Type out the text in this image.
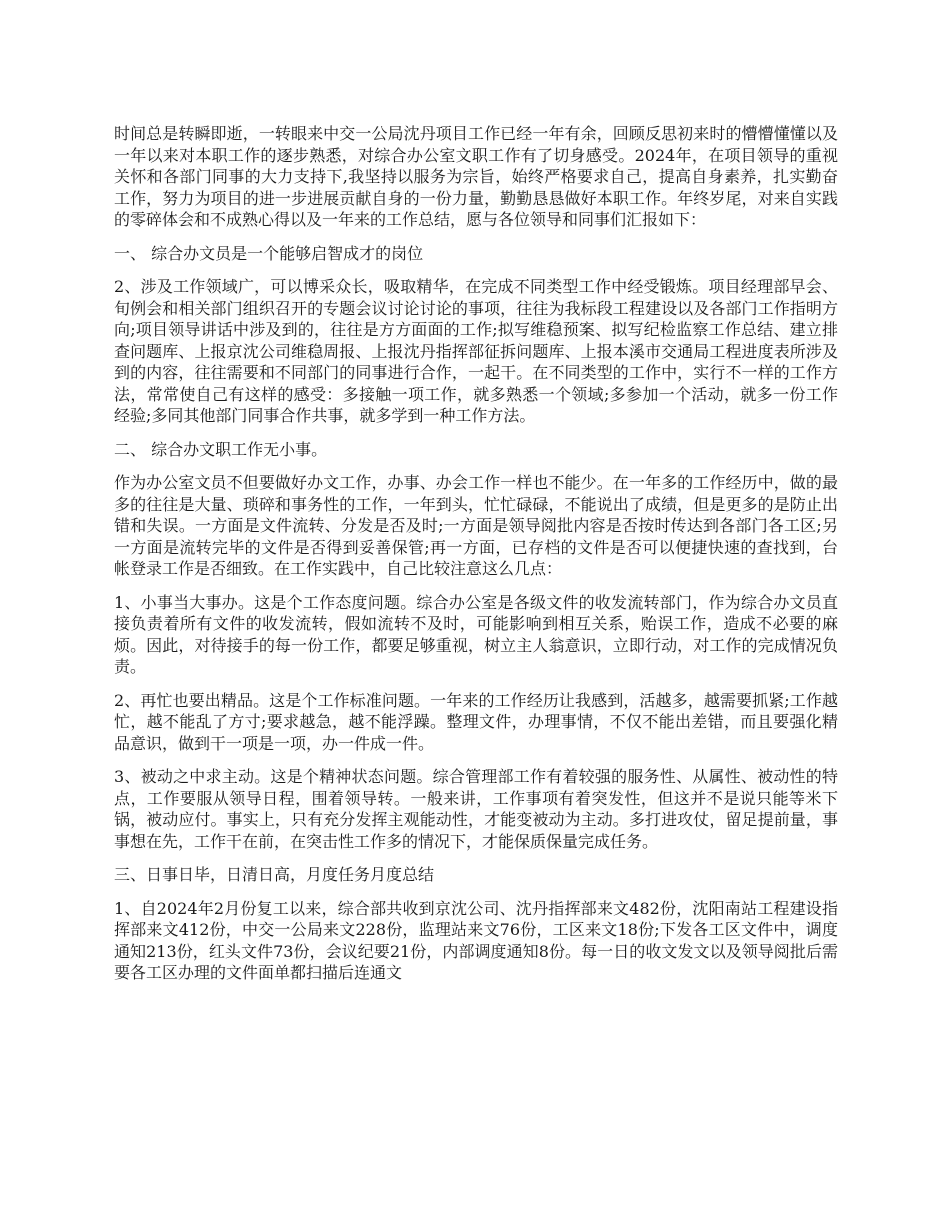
时间总是转瞬即逝，一转眼来中交一公局沈丹项目工作已经一年有余，回顾反思初来时的懵懵懂懂以及一年以来对本职工作的逐步熟悉，对综合办公室文职工作有了切身感受。2024年，在项目领导的重视关怀和各部门同事的大力支持下,我坚持以服务为宗旨，始终严格要求自己，提高自身素养，扎实勤奋工作，努力为项目的进一步进展贡献自身的一份力量，勤勤恳恳做好本职工作。年终岁尾，对来自实践的零碎体会和不成熟心得以及一年来的工作总结，愿与各位领导和同事们汇报如下：

一、 综合办文员是一个能够启智成才的岗位

2、涉及工作领域广，可以博采众长，吸取精华，在完成不同类型工作中经受锻炼。项目经理部早会、旬例会和相关部门组织召开的专题会议讨论讨论的事项，往往为我标段工程建设以及各部门工作指明方向;项目领导讲话中涉及到的，往往是方方面面的工作;拟写维稳预案、拟写纪检监察工作总结、建立排查问题库、上报京沈公司维稳周报、上报沈丹指挥部征拆问题库、上报本溪市交通局工程进度表所涉及到的内容，往往需要和不同部门的同事进行合作，一起干。在不同类型的工作中，实行不一样的工作方法，常常使自己有这样的感受：多接触一项工作，就多熟悉一个领域;多参加一个活动，就多一份工作经验;多同其他部门同事合作共事，就多学到一种工作方法。

二、 综合办文职工作无小事。

作为办公室文员不但要做好办文工作，办事、办会工作一样也不能少。在一年多的工作经历中，做的最多的往往是大量、琐碎和事务性的工作，一年到头，忙忙碌碌，不能说出了成绩，但是更多的是防止出错和失误。一方面是文件流转、分发是否及时;一方面是领导阅批内容是否按时传达到各部门各工区;另一方面是流转完毕的文件是否得到妥善保管;再一方面，已存档的文件是否可以便捷快速的查找到，台帐登录工作是否细致。在工作实践中，自己比较注意这么几点：

1、小事当大事办。这是个工作态度问题。综合办公室是各级文件的收发流转部门，作为综合办文员直接负责着所有文件的收发流转，假如流转不及时，可能影响到相互关系，贻误工作，造成不必要的麻烦。因此，对待接手的每一份工作，都要足够重视，树立主人翁意识，立即行动，对工作的完成情况负责。

2、再忙也要出精品。这是个工作标准问题。一年来的工作经历让我感到，活越多，越需要抓紧;工作越忙，越不能乱了方寸;要求越急，越不能浮躁。整理文件，办理事情，不仅不能出差错，而且要强化精品意识，做到干一项是一项，办一件成一件。

3、被动之中求主动。这是个精神状态问题。综合管理部工作有着较强的服务性、从属性、被动性的特点，工作要服从领导日程，围着领导转。一般来讲，工作事项有着突发性，但这并不是说只能等米下锅，被动应付。事实上，只有充分发挥主观能动性，才能变被动为主动。多打进攻仗，留足提前量，事事想在先，工作干在前，在突击性工作多的情况下，才能保质保量完成任务。

三、日事日毕，日清日高，月度任务月度总结

1、自2024年2月份复工以来，综合部共收到京沈公司、沈丹指挥部来文482份，沈阳南站工程建设指挥部来文412份，中交一公局来文228份，监理站来文76份，工区来文18份;下发各工区文件中，调度通知213份，红头文件73份，会议纪要21份，内部调度通知8份。每一日的收文发文以及领导阅批后需要各工区办理的文件面单都扫描后连通文
